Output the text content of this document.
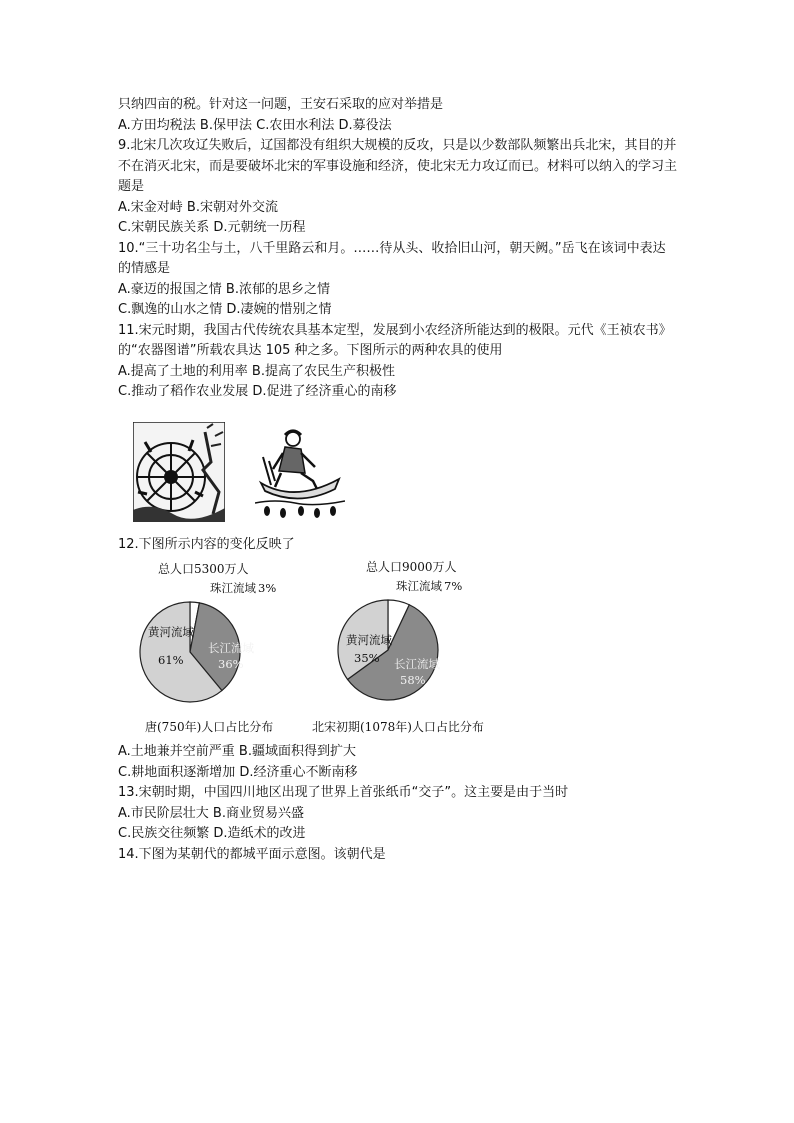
只纳四亩的税。针对这一问题，王安石采取的应对举措是
A.方田均税法 B.保甲法 C.农田水利法 D.募役法
9.北宋几次攻辽失败后，辽国都没有组织大规模的反攻，只是以少数部队频繁出兵北宋，其目的并不在消灭北宋，而是要破坏北宋的军事设施和经济，使北宋无力攻辽而已。材料可以纳入的学习主题是
A.宋金对峙 B.宋朝对外交流
C.宋朝民族关系 D.元朝统一历程
10.“三十功名尘与土，八千里路云和月。……待从头、收拾旧山河，朝天阙。”岳飞在该词中表达的情感是
A.豪迈的报国之情 B.浓郁的思乡之情
C.飘逸的山水之情 D.凄婉的惜别之情
11.宋元时期，我国古代传统农具基本定型，发展到小农经济所能达到的极限。元代《王祯农书》的“农器图谱”所载农具达 105 种之多。下图所示的两种农具的使用
A.提高了土地的利用率 B.提高了农民生产积极性
C.推动了稻作农业发展 D.促进了经济重心的南移
12.下图所示内容的变化反映了
总人口5300万人
珠江流域 3%
长江流域
36%
黄河流域
61%
唐(750年)人口占比分布
总人口9000万人
珠江流域 7%
长江流域
58%
黄河流域
35%
北宋初期(1078年)人口占比分布
A.土地兼并空前严重 B.疆域面积得到扩大
C.耕地面积逐渐增加 D.经济重心不断南移
13.宋朝时期，中国四川地区出现了世界上首张纸币“交子”。这主要是由于当时
A.市民阶层壮大 B.商业贸易兴盛
C.民族交往频繁 D.造纸术的改进
14.下图为某朝代的都城平面示意图。该朝代是
